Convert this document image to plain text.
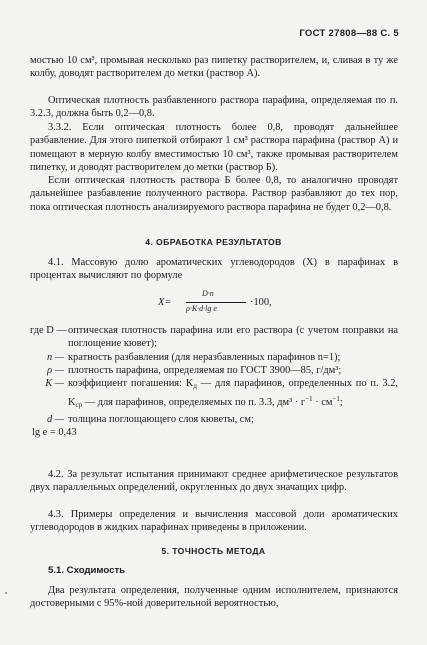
ГОСТ 27808—88 С. 5

мостью 10 см³, промывая несколько раз пипетку растворителем, и, сливая в ту же колбу, доводят растворителем до метки (раствор А).

Оптическая плотность разбавленного раствора парафина, определяемая по п. 3.2.3, должна быть 0,2—0,8.

3.3.2. Если оптическая плотность более 0,8, проводят дальнейшее разбавление. Для этого пипеткой отбирают 1 см³ раствора парафина (раствор А) и помещают в мерную колбу вместимостью 10 см³, также промывая растворителем пипетку, и доводят растворителем до метки (раствор Б).

Если оптическая плотность раствора Б более 0,8, то аналогично проводят дальнейшее разбавление полученного раствора. Раствор разбавляют до тех пор, пока оптическая плотность анализируемого раствора парафина не будет 0,2—0,8.

4. ОБРАБОТКА РЕЗУЛЬТАТОВ

4.1. Массовую долю ароматических углеводородов (X) в парафинах в процентах вычисляют по формуле

X=
D·n
ρ·K·d·lg e
·100,
где D — оптическая плотность парафина или его раствора (с учетом поправки на поглощение кювет);
n — кратность разбавления (для неразбавленных парафинов n=1);
ρ — плотность парафина, определяемая по ГОСТ 3900—85, г/дм³;
K — коэффициент погашения: $K_д$ — для парафинов, определенных по п. 3.2, $K_{ср}$ — для парафинов, определяемых по п. 3.3, $дм^3 \cdot г^{-1} \cdot см^{-1}$;
d — толщина поглощающего слоя кюветы, см;
lg e = 0,43

4.2. За результат испытания принимают среднее арифметическое результатов двух параллельных определений, округленных до двух значащих цифр.

4.3. Примеры определения и вычисления массовой доли ароматических углеводородов в жидких парафинах приведены в приложении.

5. ТОЧНОСТЬ МЕТОДА

5.1. Сходимость

Два результата определения, полученные одним исполнителем, признаются достоверными с 95%-ной доверительной вероятностью,
